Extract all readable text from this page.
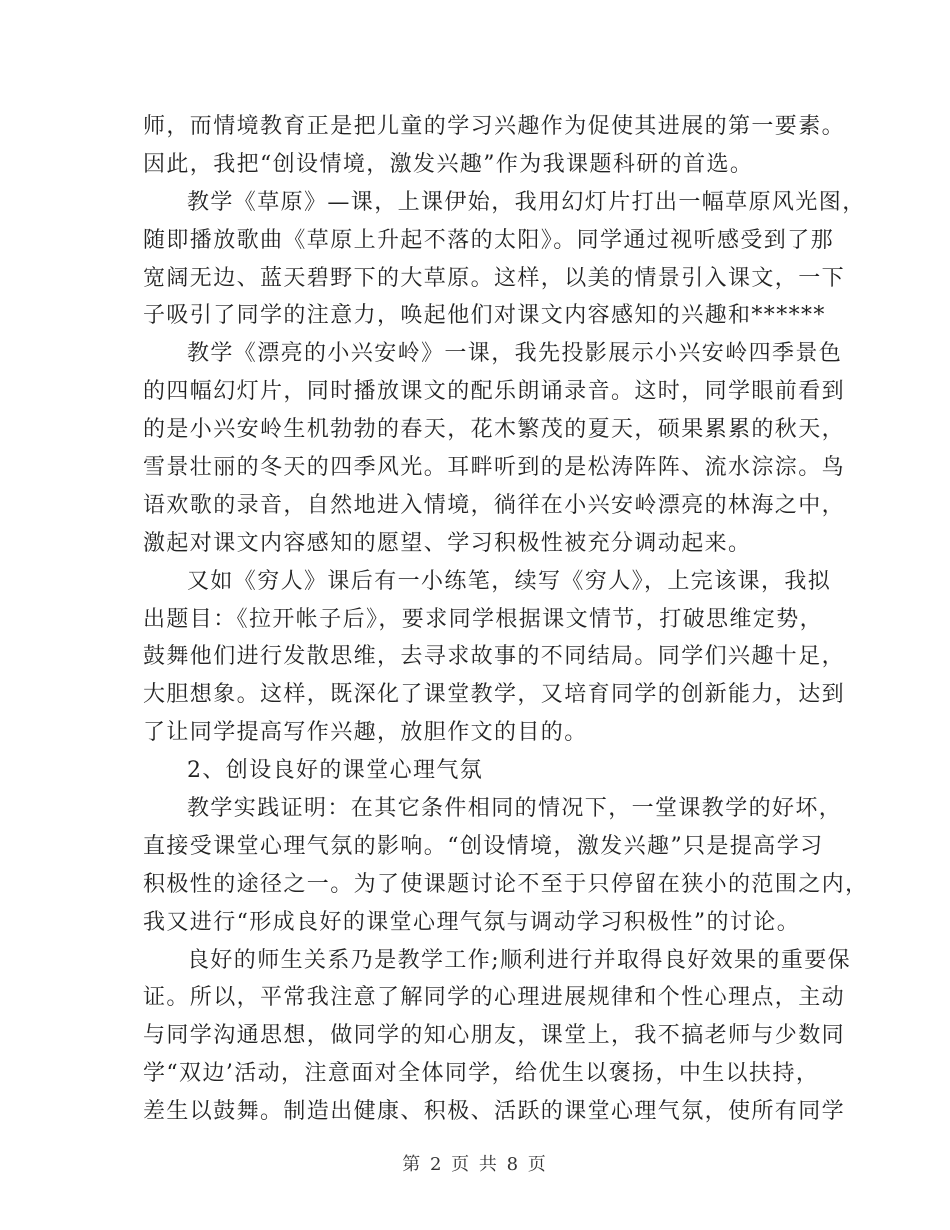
师，而情境教育正是把儿童的学习兴趣作为促使其进展的第一要素。
因此，我把“创设情境，激发兴趣”作为我课题科研的首选。
教学《草原》—课，上课伊始，我用幻灯片打出一幅草原风光图，
随即播放歌曲《草原上升起不落的太阳》。同学通过视听感受到了那
宽阔无边、蓝天碧野下的大草原。这样，以美的情景引入课文，一下
子吸引了同学的注意力，唤起他们对课文内容感知的兴趣和******
教学《漂亮的小兴安岭》一课，我先投影展示小兴安岭四季景色
的四幅幻灯片，同时播放课文的配乐朗诵录音。这时，同学眼前看到
的是小兴安岭生机勃勃的春天，花木繁茂的夏天，硕果累累的秋天，
雪景壮丽的冬天的四季风光。耳畔听到的是松涛阵阵、流水淙淙。鸟
语欢歌的录音，自然地进入情境，徜徉在小兴安岭漂亮的林海之中，
激起对课文内容感知的愿望、学习积极性被充分调动起来。
又如《穷人》课后有一小练笔，续写《穷人》，上完该课，我拟
出题目：《拉开帐子后》，要求同学根据课文情节，打破思维定势，
鼓舞他们进行发散思维，去寻求故事的不同结局。同学们兴趣十足，
大胆想象。这样，既深化了课堂教学，又培育同学的创新能力，达到
了让同学提高写作兴趣，放胆作文的目的。
2、创设良好的课堂心理气氛
教学实践证明：在其它条件相同的情况下，一堂课教学的好坏，
直接受课堂心理气氛的影响。“创设情境，激发兴趣”只是提高学习
积极性的途径之一。为了使课题讨论不至于只停留在狭小的范围之内，
我又进行“形成良好的课堂心理气氛与调动学习积极性”的讨论。
良好的师生关系乃是教学工作;顺利进行并取得良好效果的重要保
证。所以，平常我注意了解同学的心理进展规律和个性心理点，主动
与同学沟通思想，做同学的知心朋友，课堂上，我不搞老师与少数同
学“双边’活动，注意面对全体同学，给优生以褒扬，中生以扶持，
差生以鼓舞。制造出健康、积极、活跃的课堂心理气氛，使所有同学
第 2 页 共 8 页
